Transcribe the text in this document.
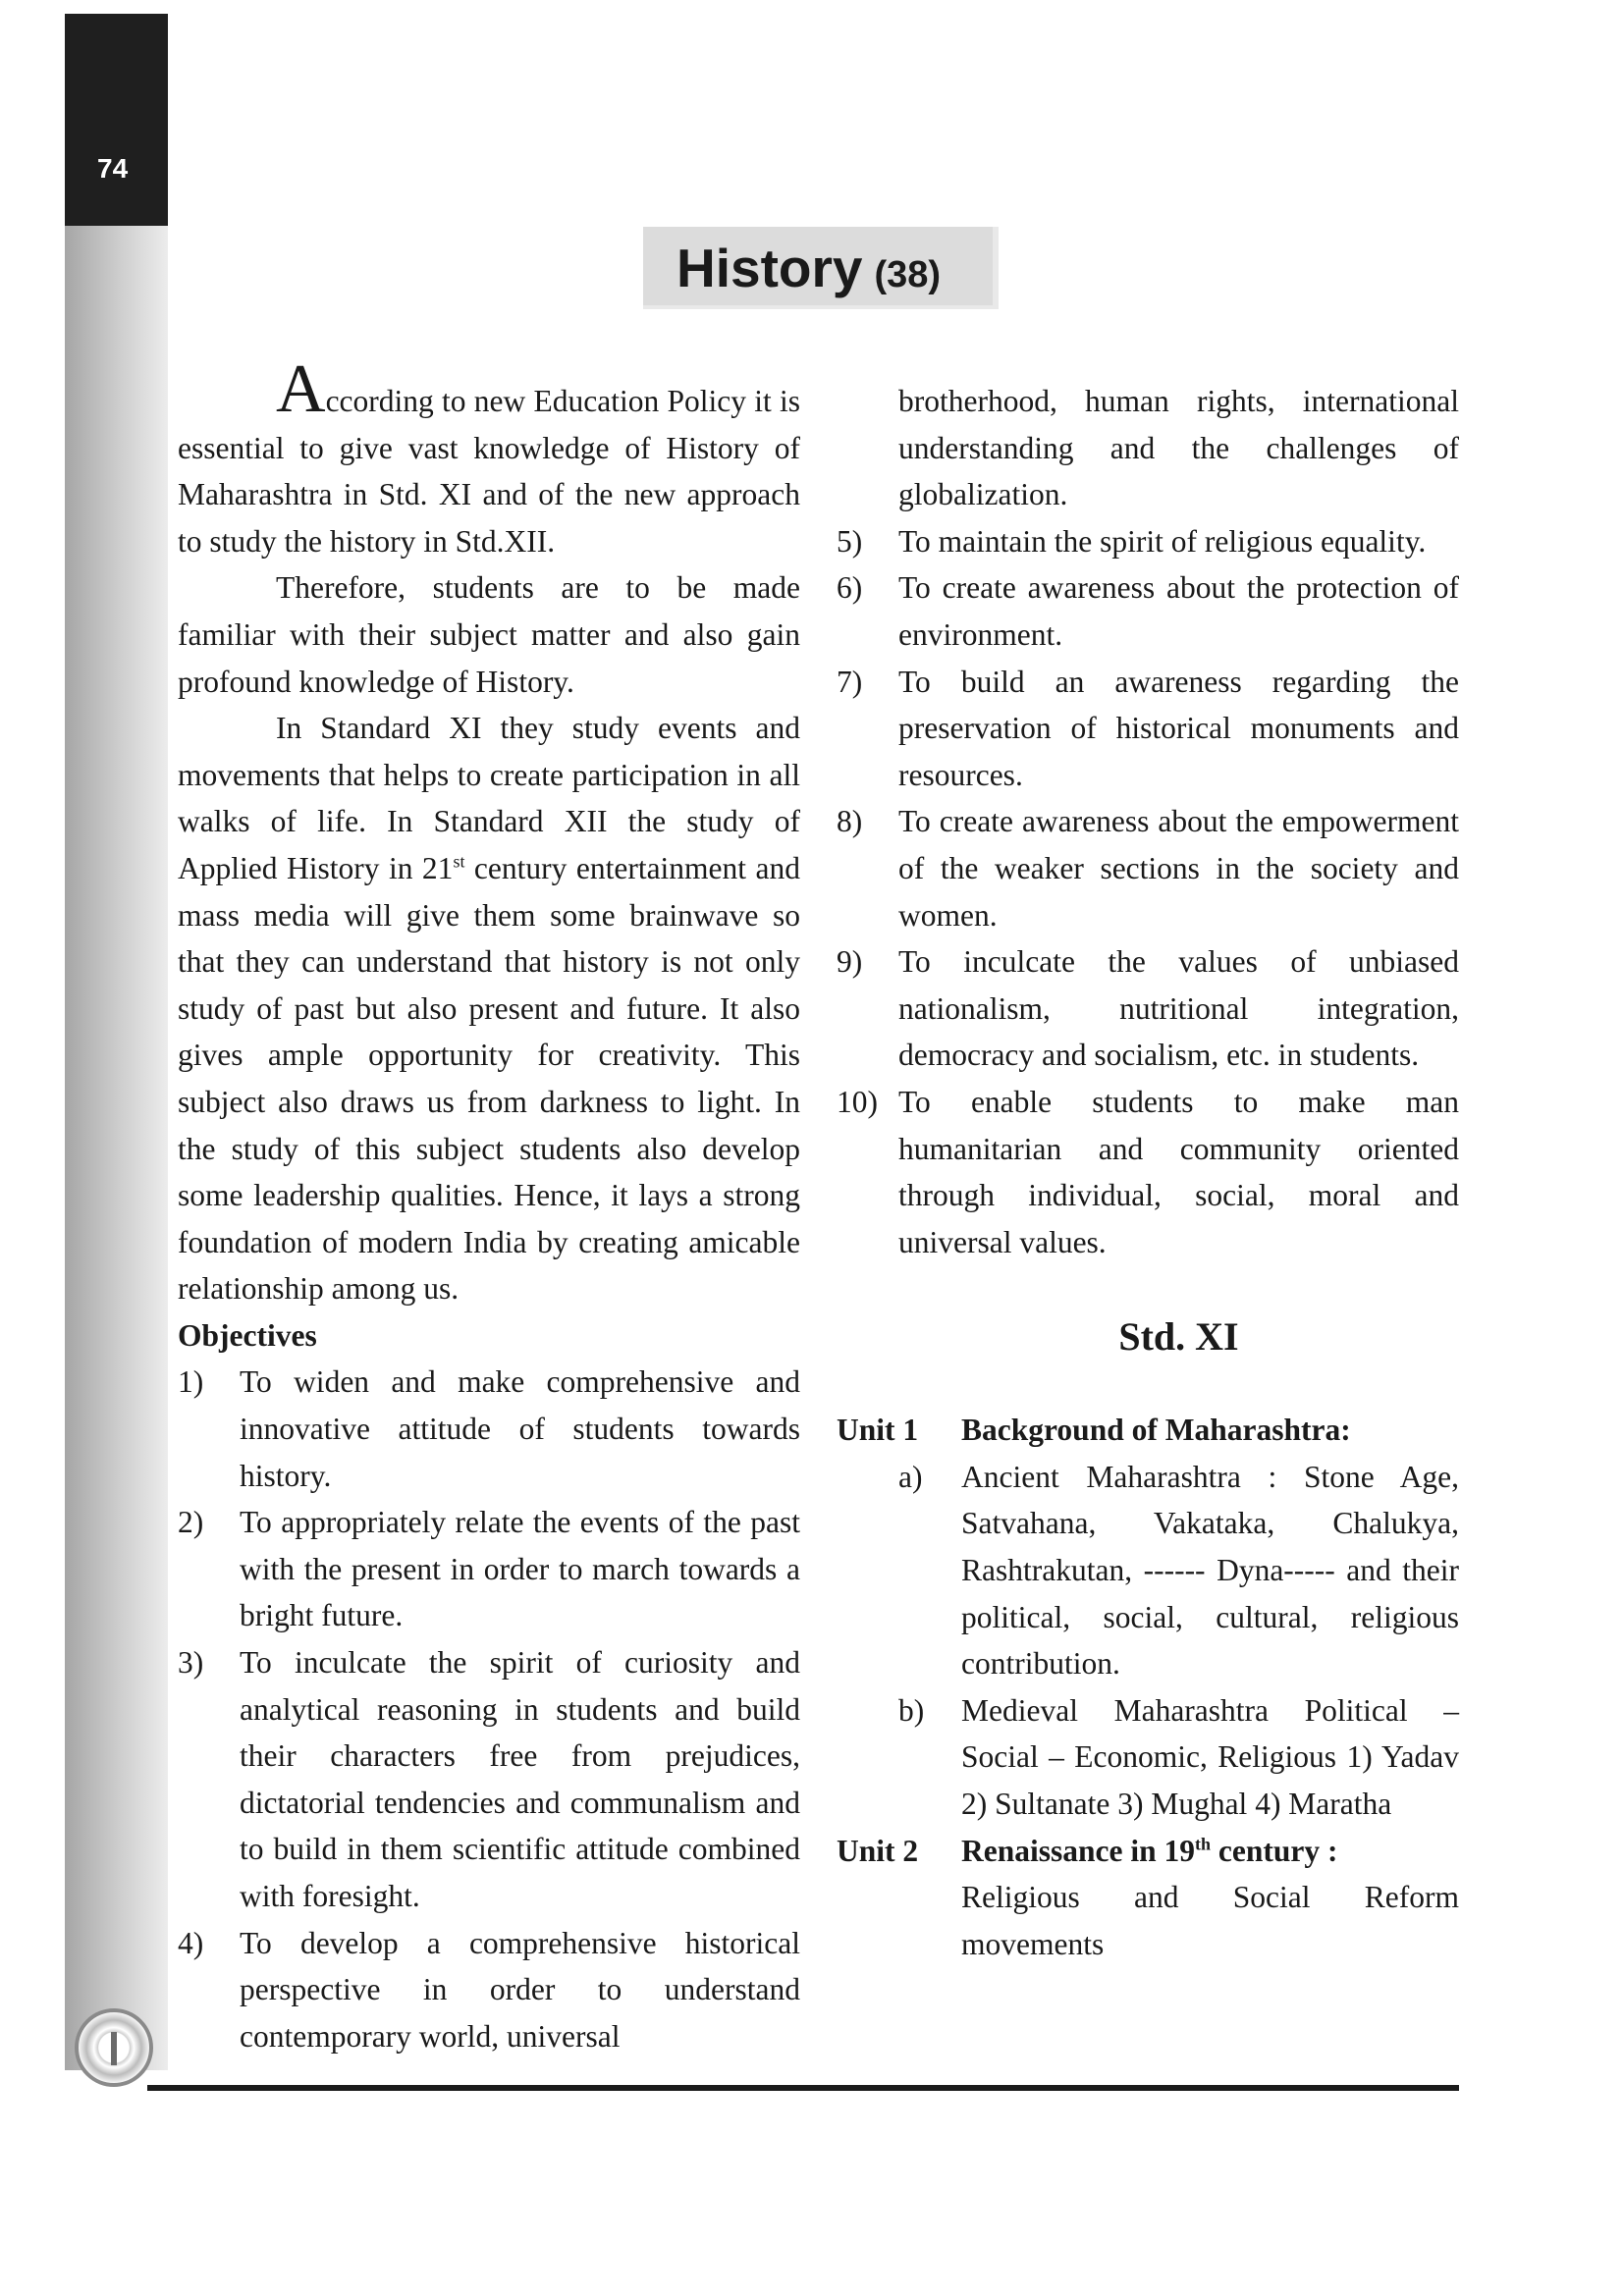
74
History (38)

According to new Education Policy it is essential to give vast knowledge of History of Maharashtra in Std. XI and of the new approach to study the history in Std.XII.

Therefore, students are to be made familiar with their subject matter and also gain profound knowledge of History.

In Standard XI they study events and movements that helps to create participation in all walks of life. In Standard XII the study of Applied History in 21st century entertainment and mass media will give them some brainwave so that they can understand that history is not only study of past but also present and future. It also gives ample opportunity for creativity. This subject also draws us from darkness to light. In the study of this subject students also develop some leadership qualities. Hence, it lays a strong foundation of modern India by creating amicable relationship among us.

Objectives

1) To widen and make comprehensive and innovative attitude of students towards history.
2) To appropriately relate the events of the past with the present in order to march towards a bright future.
3) To inculcate the spirit of curiosity and analytical reasoning in students and build their characters free from prejudices, dictatorial tendencies and communalism and to build in them scientific attitude combined with foresight.
4) To develop a comprehensive historical perspective in order to understand contemporary world, universal

brotherhood, human rights, international understanding and the challenges of globalization.

5) To maintain the spirit of religious equality.
6) To create awareness about the protection of environment.
7) To build an awareness regarding the preservation of historical monuments and resources.
8) To create awareness about the empowerment of the weaker sections in the society and women.
9) To inculcate the values of unbiased nationalism, nutritional integration, democracy and socialism, etc. in students.
10) To enable students to make man humanitarian and community oriented through individual, social, moral and universal values.
Std. XI
Unit 1 Background of Maharashtra:
a) Ancient Maharashtra : Stone Age, Satvahana, Vakataka, Chalukya, Rashtrakutan, ------ Dyna----- and their political, social, cultural, religious contribution.
b) Medieval Maharashtra Political – Social – Economic, Religious 1) Yadav 2) Sultanate 3) Mughal 4) Maratha
Unit 2 Renaissance in 19th century :
Religious and Social Reform movements
